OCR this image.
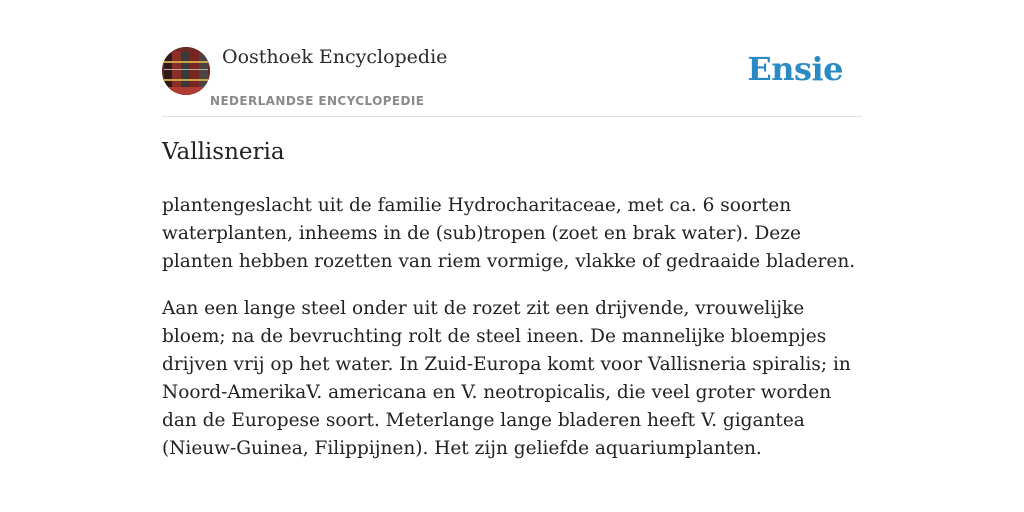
Oosthoek Encyclopedie
NEDERLANDSE ENCYCLOPEDIE
Ensie
Vallisneria

plantengeslacht uit de familie Hydrocharitaceae, met ca. 6 soorten waterplanten, inheems in de (sub)tropen (zoet en brak water). Deze planten hebben rozetten van riem vormige, vlakke of gedraaide bladeren.

Aan een lange steel onder uit de rozet zit een drijvende, vrouwelijke bloem; na de bevruchting rolt de steel ineen. De mannelijke bloempjes drijven vrij op het water. In Zuid-Europa komt voor Vallisneria spiralis; in Noord-AmerikaV. americana en V. neotropicalis, die veel groter worden dan de Europese soort. Meterlange lange bladeren heeft V. gigantea (Nieuw-Guinea, Filippijnen). Het zijn geliefde aquariumplanten.
